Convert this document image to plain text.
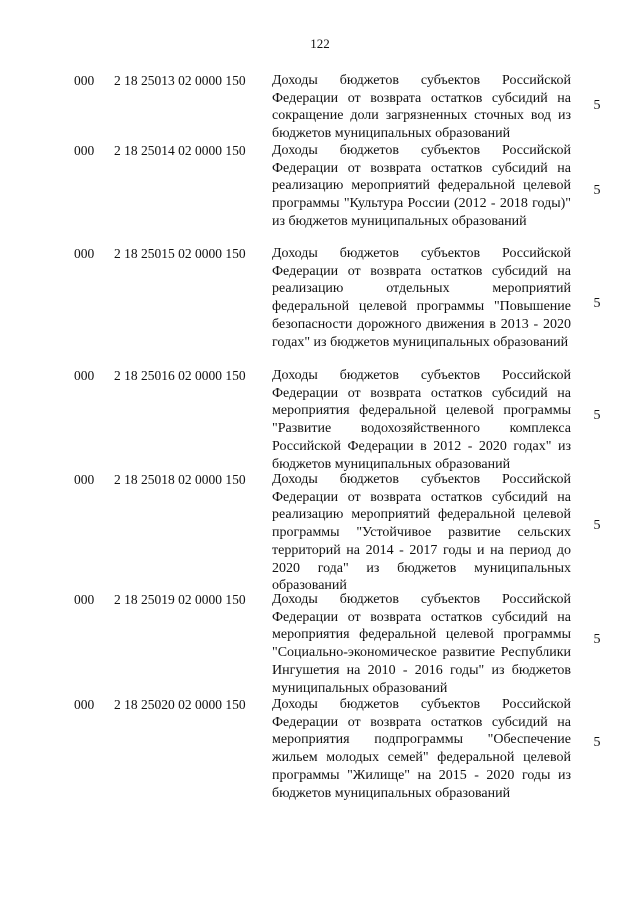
122
000 2 18 25013 02 0000 150 Доходы бюджетов субъектов Российской Федерации от возврата остатков субсидий на сокращение доли загрязненных сточных вод из бюджетов муниципальных образований
5
000 2 18 25014 02 0000 150 Доходы бюджетов субъектов Российской Федерации от возврата остатков субсидий на реализацию мероприятий федеральной целевой программы "Культура России (2012 - 2018 годы)" из бюджетов муниципальных образований
5
000 2 18 25015 02 0000 150 Доходы бюджетов субъектов Российской Федерации от возврата остатков субсидий на реализацию отдельных мероприятий федеральной целевой программы "Повышение безопасности дорожного движения в 2013 - 2020 годах" из бюджетов муниципальных образований
5
000 2 18 25016 02 0000 150 Доходы бюджетов субъектов Российской Федерации от возврата остатков субсидий на мероприятия федеральной целевой программы "Развитие водохозяйственного комплекса Российской Федерации в 2012 - 2020 годах" из бюджетов муниципальных образований
5
000 2 18 25018 02 0000 150 Доходы бюджетов субъектов Российской Федерации от возврата остатков субсидий на реализацию мероприятий федеральной целевой программы "Устойчивое развитие сельских территорий на 2014 - 2017 годы и на период до 2020 года" из бюджетов муниципальных образований
5
000 2 18 25019 02 0000 150 Доходы бюджетов субъектов Российской Федерации от возврата остатков субсидий на мероприятия федеральной целевой программы "Социально-экономическое развитие Республики Ингушетия на 2010 - 2016 годы" из бюджетов муниципальных образований
5
000 2 18 25020 02 0000 150 Доходы бюджетов субъектов Российской Федерации от возврата остатков субсидий на мероприятия подпрограммы "Обеспечение жильем молодых семей" федеральной целевой программы "Жилище" на 2015 - 2020 годы из бюджетов муниципальных образований
5
